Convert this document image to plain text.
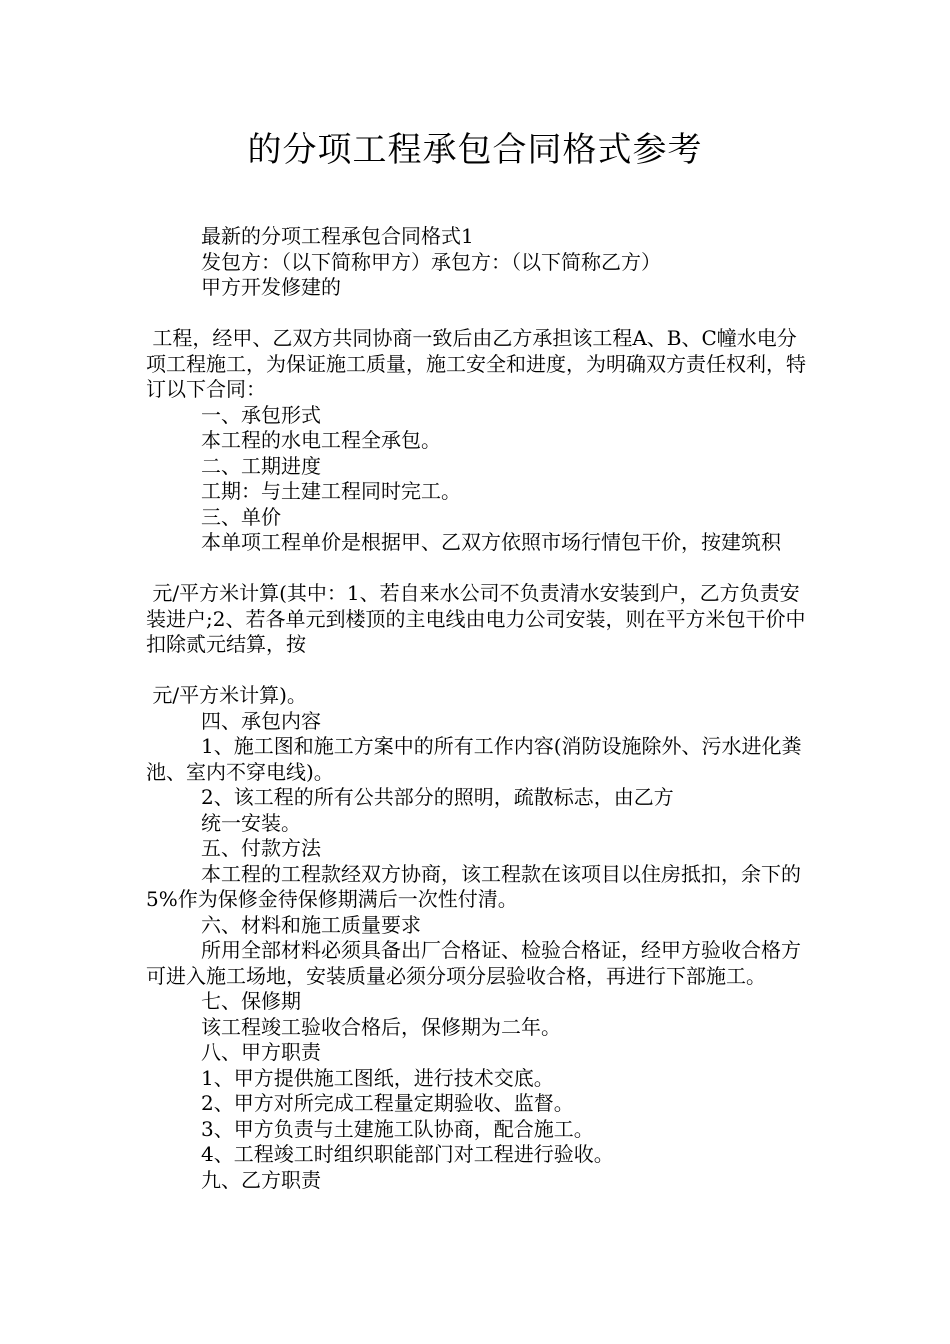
的分项工程承包合同格式参考

最新的分项工程承包合同格式1

发包方：（以下简称甲方）承包方：（以下简称乙方）

甲方开发修建的

工程，经甲、乙双方共同协商一致后由乙方承担该工程A、B、C幢水电分项工程施工，为保证施工质量，施工安全和进度，为明确双方责任权利，特订以下合同：

一、承包形式

本工程的水电工程全承包。

二、工期进度

工期：与土建工程同时完工。

三、单价

本单项工程单价是根据甲、乙双方依照市场行情包干价，按建筑积

元/平方米计算(其中：1、若自来水公司不负责清水安装到户，乙方负责安装进户;2、若各单元到楼顶的主电线由电力公司安装，则在平方米包干价中扣除贰元结算，按

元/平方米计算)。

四、承包内容

1、施工图和施工方案中的所有工作内容(消防设施除外、污水进化粪池、室内不穿电线)。

2、该工程的所有公共部分的照明，疏散标志，由乙方

统一安装。

五、付款方法

本工程的工程款经双方协商，该工程款在该项目以住房抵扣，余下的5%作为保修金待保修期满后一次性付清。

六、材料和施工质量要求

所用全部材料必须具备出厂合格证、检验合格证，经甲方验收合格方可进入施工场地，安装质量必须分项分层验收合格，再进行下部施工。

七、保修期

该工程竣工验收合格后，保修期为二年。

八、甲方职责

1、甲方提供施工图纸，进行技术交底。

2、甲方对所完成工程量定期验收、监督。

3、甲方负责与土建施工队协商，配合施工。

4、工程竣工时组织职能部门对工程进行验收。

九、乙方职责
